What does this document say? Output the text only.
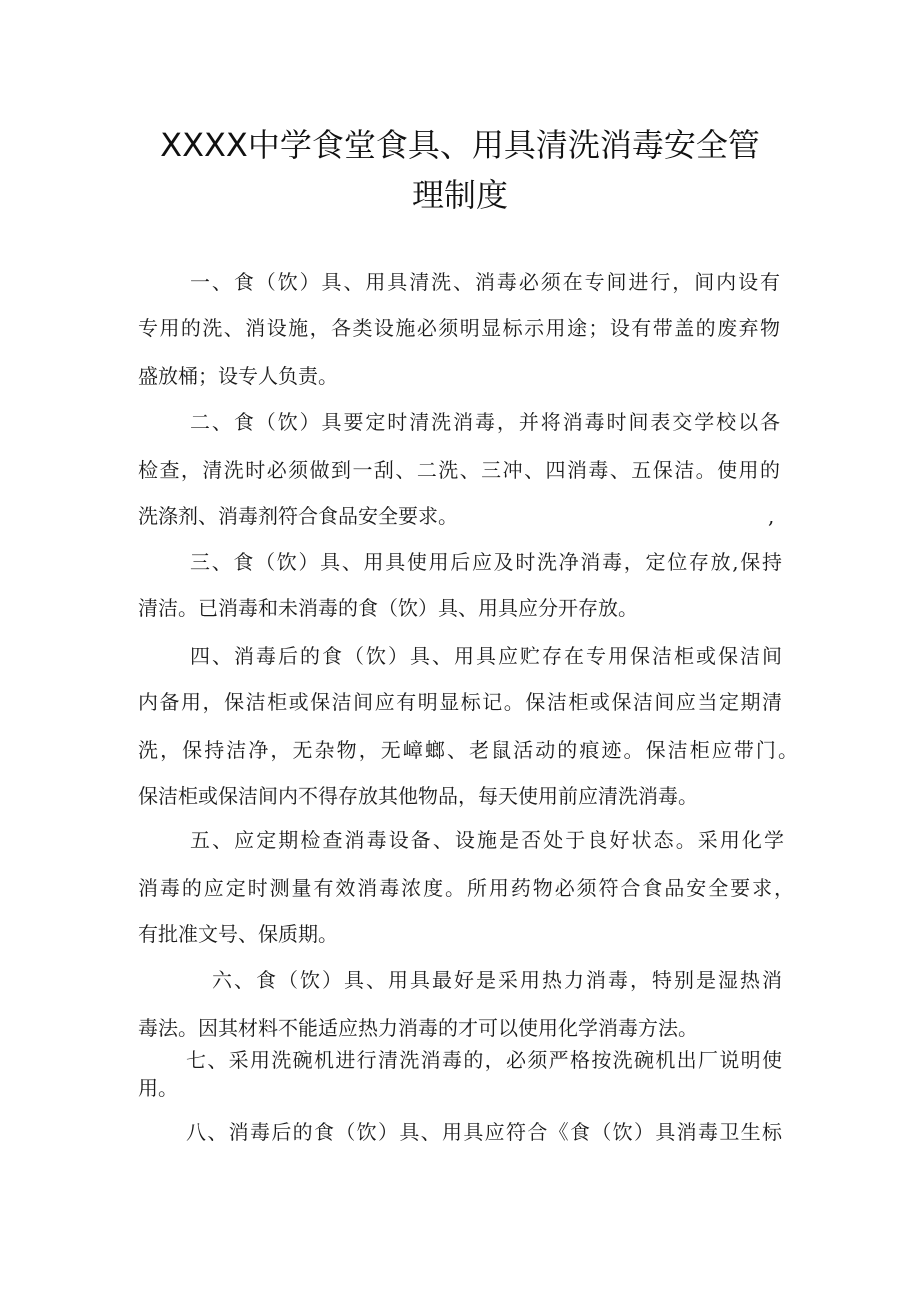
XXXX中学食堂食具、用具清洗消毒安全管
理制度
一、食（饮）具、用具清洗、消毒必须在专间进行，间内设有
专用的洗、消设施，各类设施必须明显标示用途；设有带盖的废弃物
盛放桶；设专人负责。
二、食（饮）具要定时清洗消毒，并将消毒时间表交学校以各
检查，清洗时必须做到一刮、二洗、三冲、四消毒、五保洁。使用的
洗涤剂、消毒剂符合食品安全要求。	,
三、食（饮）具、用具使用后应及时洗净消毒，定位存放,保持
清洁。已消毒和未消毒的食（饮）具、用具应分开存放。
四、消毒后的食（饮）具、用具应贮存在专用保洁柜或保洁间
内备用，保洁柜或保洁间应有明显标记。保洁柜或保洁间应当定期清
洗，保持洁净，无杂物，无嶂螂、老鼠活动的痕迹。保洁柜应带门。
保洁柜或保洁间内不得存放其他物品，每天使用前应清洗消毒。
五、应定期检查消毒设备、设施是否处于良好状态。采用化学
消毒的应定时测量有效消毒浓度。所用药物必须符合食品安全要求，
有批准文号、保质期。
六、食（饮）具、用具最好是采用热力消毒，特别是湿热消
毒法。因其材料不能适应热力消毒的才可以使用化学消毒方法。
七、采用洗碗机进行清洗消毒的，必须严格按洗碗机出厂说明使
用。
八、消毒后的食（饮）具、用具应符合《食（饮）具消毒卫生标
